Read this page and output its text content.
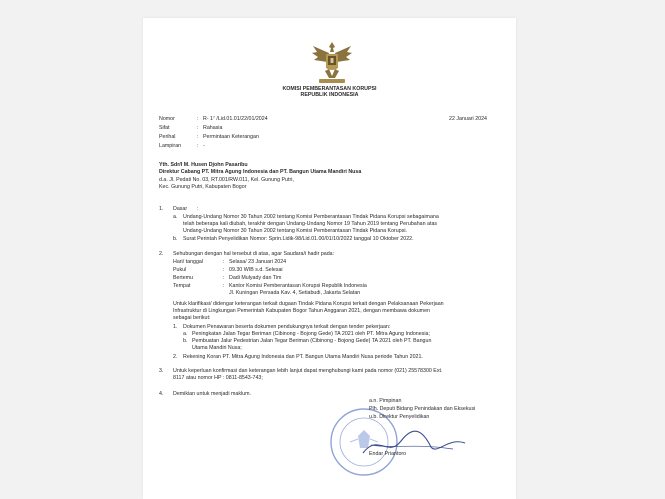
KOMISI PEMBERANTASAN KORUPSI
REPUBLIK INDONESIA
Nomor	: R- 1⁷ /Lid.01.01/22/01/2024	22 Januari 2024
Sifat	: Rahasia
Perihal	: Permintaan Keterangan
Lampiran	: -
Yth. Sdr/I M. Husen Djohn Pasaribu
Direktur Cabang PT. Mitra Agung Indonesia dan PT. Bangun Utama Mandiri Nusa
d.a. Jl. Pedati No. 03, RT.001/RW.011, Kel. Gunung Putri,
Kec. Gunung Putri, Kabupaten Bogor
1. Dasar :
a. Undang-Undang Nomor 30 Tahun 2002 tentang Komisi Pemberantasan Tindak Pidana Korupsi sebagaimana
telah beberapa kali diubah, terakhir dengan Undang-Undang Nomor 19 Tahun 2019 tentang Perubahan atas
Undang-Undang Nomor 30 Tahun 2002 tentang Komisi Pemberantasan Tindak Pidana Korupsi.
b. Surat Perintah Penyelidikan Nomor: Sprin.Lidik-98/Lid.01.00/01/10/2022 tanggal 10 Oktober 2022.
2. Sehubungan dengan hal tersebut di atas, agar Saudara/i hadir pada:
Hari/ tanggal	: Selasa/ 23 Januari 2024
Pukul	: 09.30 WIB s.d. Selesai
Bertemu	: Dadi Mulyady dan Tim
Tempat	: Kantor Komisi Pemberantasan Korupsi Republik Indonesia
Jl. Kuningan Persada Kav. 4, Setiabudi, Jakarta Selatan
Untuk klarifikasi/ didengar keterangan terkait dugaan Tindak Pidana Korupsi terkait dengan Pelaksanaan Pekerjaan
Infrastruktur di Lingkungan Pemerintah Kabupaten Bogor Tahun Anggaran 2021, dengan membawa dokumen
sebagai berikut:
1. Dokumen Penawaran beserta dokumen pendukungnya terkait dengan tender pekerjaan:
a. Peningkatan Jalan Tegar Beriman (Cibinong - Bojong Gede) TA 2021 oleh PT. Mitra Agung Indonesia;
b. Pembuatan Jalur Pedestrian Jalan Tegar Beriman (Cibinong - Bojong Gede) TA 2021 oleh PT. Bangun
Utama Mandiri Nusa;
2. Rekening Koran PT. Mitra Agung Indonesia dan PT. Bangun Utama Mandiri Nusa periode Tahun 2021.
3. Untuk keperluan konfirmasi dan keterangan lebih lanjut dapat menghubungi kami pada nomor (021) 25578300 Ext.
8117 atau nomor HP : 0811-8543-743;
4. Demikian untuk menjadi maklum.
a.n. Pimpinan
Plh. Deputi Bidang Penindakan dan Eksekusi
u.b. Direktur Penyelidikan
Endar Priantoro
